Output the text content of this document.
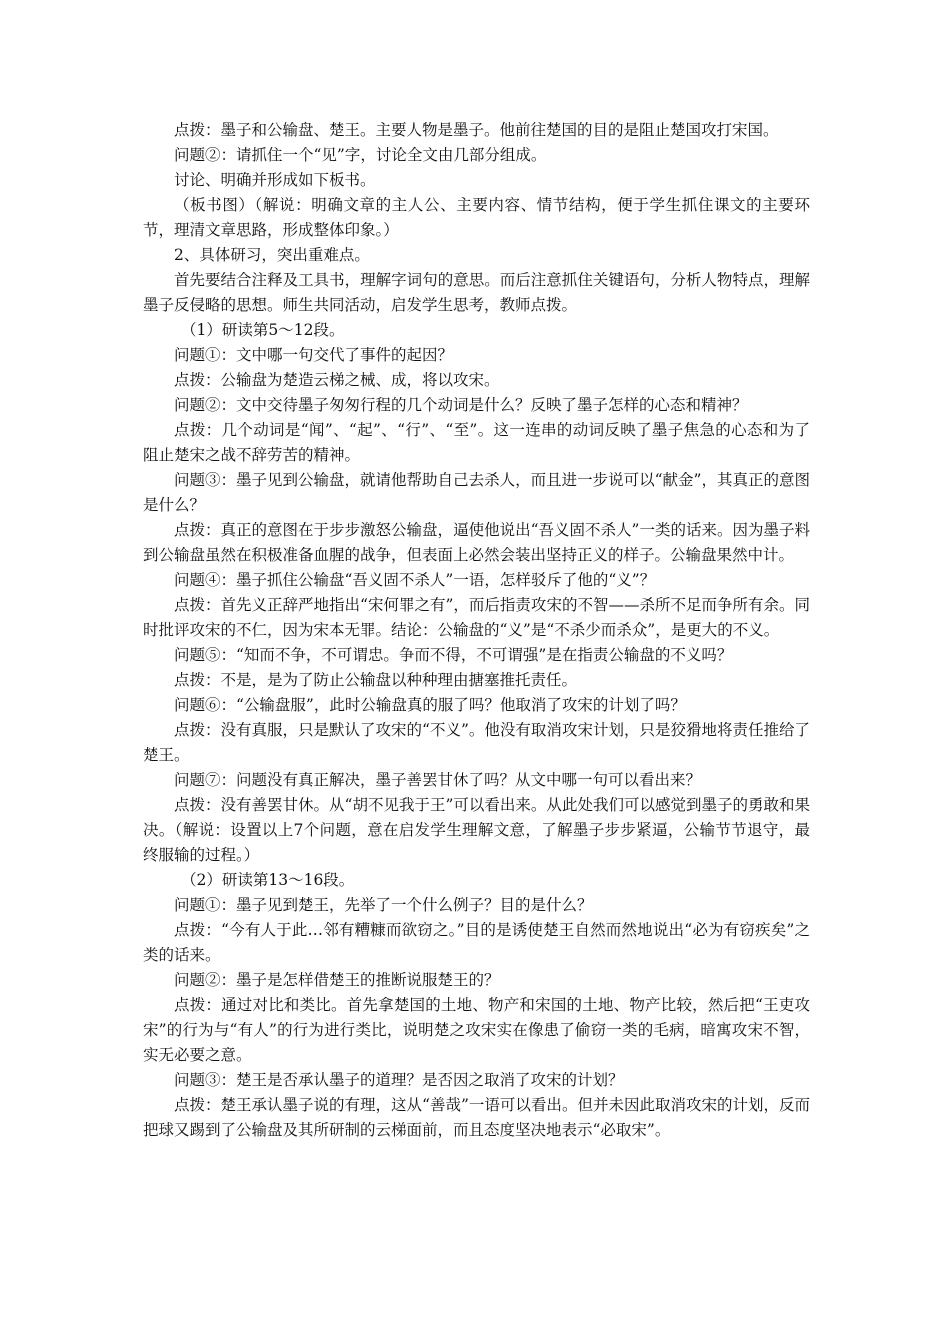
点拨：墨子和公输盘、楚王。主要人物是墨子。他前往楚国的目的是阻止楚国攻打宋国。

问题②：请抓住一个“见”字，讨论全文由几部分组成。

讨论、明确并形成如下板书。

（板书图）（解说：明确文章的主人公、主要内容、情节结构，便于学生抓住课文的主要环节，理清文章思路，形成整体印象。）

2、具体研习，突出重难点。

首先要结合注释及工具书，理解字词句的意思。而后注意抓住关键语句，分析人物特点，理解墨子反侵略的思想。师生共同活动，启发学生思考，教师点拨。

（1）研读第5～12段。

问题①：文中哪一句交代了事件的起因？

点拨：公输盘为楚造云梯之械、成，将以攻宋。

问题②：文中交待墨子匆匆行程的几个动词是什么？反映了墨子怎样的心态和精神？

点拨：几个动词是“闻”、“起”、“行”、“至”。这一连串的动词反映了墨子焦急的心态和为了阻止楚宋之战不辞劳苦的精神。

问题③：墨子见到公输盘，就请他帮助自己去杀人，而且进一步说可以“献金”，其真正的意图是什么？

点拨：真正的意图在于步步激怒公输盘，逼使他说出“吾义固不杀人”一类的话来。因为墨子料到公输盘虽然在积极准备血腥的战争，但表面上必然会装出坚持正义的样子。公输盘果然中计。

问题④：墨子抓住公输盘“吾义固不杀人”一语，怎样驳斥了他的“义”？

点拨：首先义正辞严地指出“宋何罪之有”，而后指责攻宋的不智——杀所不足而争所有余。同时批评攻宋的不仁，因为宋本无罪。结论：公输盘的“义”是“不杀少而杀众”，是更大的不义。

问题⑤：“知而不争，不可谓忠。争而不得，不可谓强”是在指责公输盘的不义吗？

点拨：不是，是为了防止公输盘以种种理由搪塞推托责任。

问题⑥：“公输盘服”，此时公输盘真的服了吗？他取消了攻宋的计划了吗？

点拨：没有真服，只是默认了攻宋的“不义”。他没有取消攻宋计划，只是狡猾地将责任推给了楚王。

问题⑦：问题没有真正解决，墨子善罢甘休了吗？从文中哪一句可以看出来？

点拨：没有善罢甘休。从“胡不见我于王”可以看出来。从此处我们可以感觉到墨子的勇敢和果决。（解说：设置以上7个问题，意在启发学生理解文意，了解墨子步步紧逼，公输节节退守，最终服输的过程。）

（2）研读第13～16段。

问题①：墨子见到楚王，先举了一个什么例子？目的是什么？

点拨：“今有人于此…邻有糟糠而欲窃之。”目的是诱使楚王自然而然地说出“必为有窃疾矣”之类的话来。

问题②：墨子是怎样借楚王的推断说服楚王的？

点拨：通过对比和类比。首先拿楚国的土地、物产和宋国的土地、物产比较，然后把“王吏攻宋”的行为与“有人”的行为进行类比，说明楚之攻宋实在像患了偷窃一类的毛病，暗寓攻宋不智，实无必要之意。

问题③：楚王是否承认墨子的道理？是否因之取消了攻宋的计划？

点拨：楚王承认墨子说的有理，这从“善哉”一语可以看出。但并未因此取消攻宋的计划，反而把球又踢到了公输盘及其所研制的云梯面前，而且态度坚决地表示“必取宋”。
